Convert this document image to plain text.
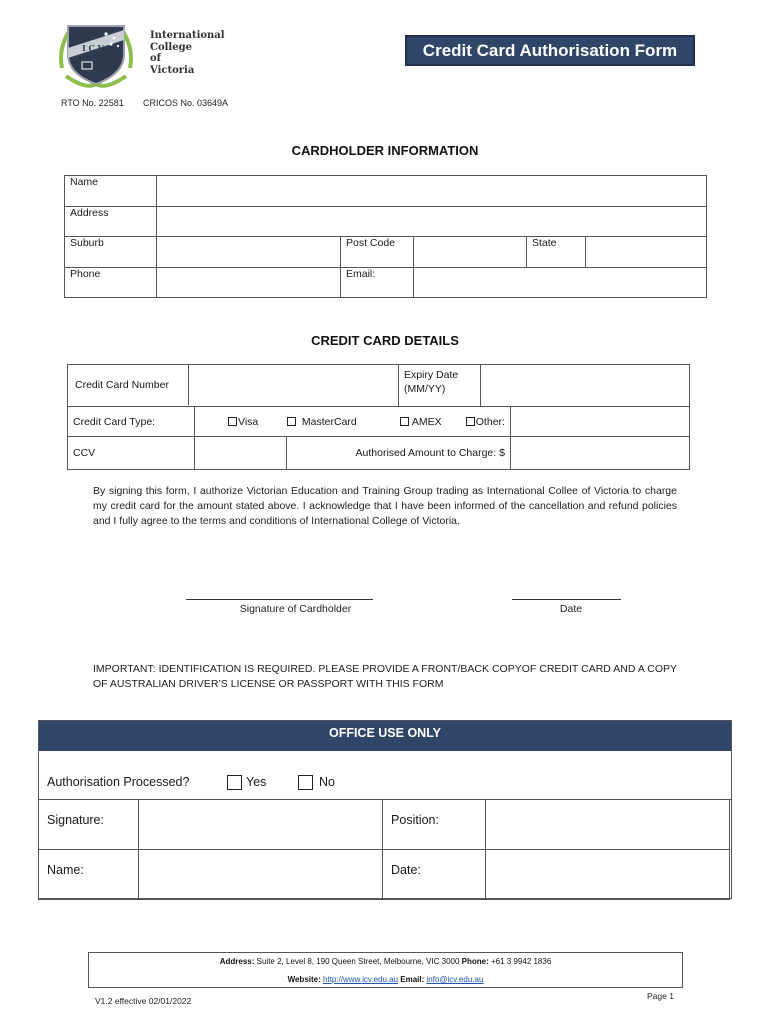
I C V
International
College
of
Victoria
Credit Card Authorisation Form
RTO No. 22581 CRICOS No. 03649A
CARDHOLDER INFORMATION
Name					
Address					
Suburb		Post Code		State	
Phone		Email:			
CREDIT CARD DETAILS
Credit Card Number			Expiry Date
(MM/YY)	

Credit Card Type:	Visa MasterCard AMEX Other:			
CCV		Authorised Amount to Charge: $		
By signing this form, I authorize Victorian Education and Training Group trading as International Collee of Victoria to charge my credit card for the amount stated above. I acknowledge that I have been informed of the cancellation and refund policies and I fully agree to the terms and conditions of International College of Victoria.
Signature of Cardholder	Date
IMPORTANT: IDENTIFICATION IS REQUIRED. PLEASE PROVIDE A FRONT/BACK COPYOF CREDIT CARD AND A COPY OF AUSTRALIAN DRIVER’S LICENSE OR PASSPORT WITH THIS FORM
OFFICE USE ONLY
Authorisation Processed?	Yes	No
Signature:		Position:	
Name:		Date:	
Address: Suite 2, Level 8, 190 Queen Street, Melbourne, VIC 3000 Phone: +61 3 9942 1836
Website: http://www.icv.edu.au Email: info@icv.edu.au
V1.2 effective 02/01/2022	Page 1
